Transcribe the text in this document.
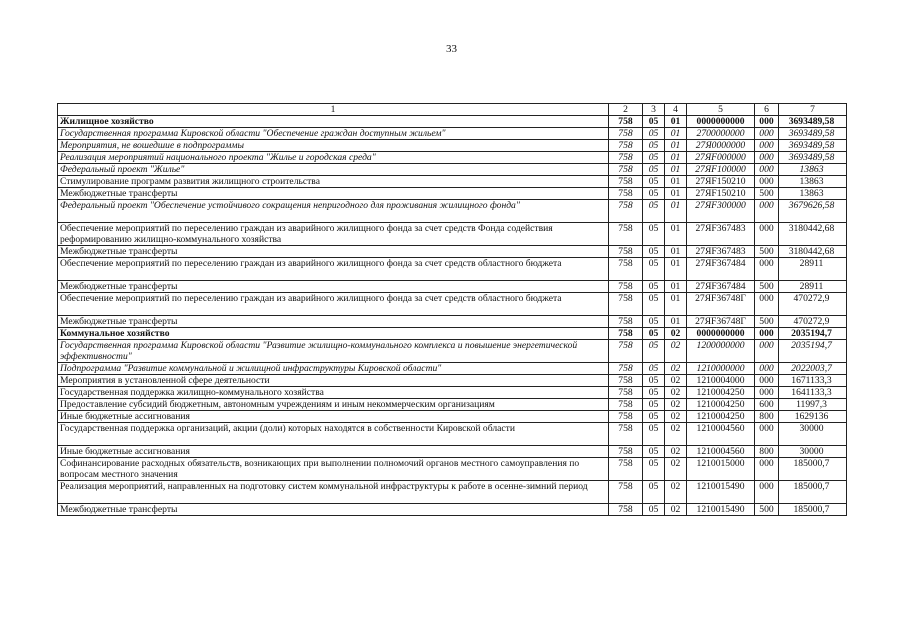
33
1	2	3	4	5	6	7
Жилищное хозяйство	758	05	01	0000000000	000	3693489,58
Государственная программа Кировской области "Обеспечение граждан доступным жильем"	758	05	01	2700000000	000	3693489,58
Мероприятия, не вошедшие в подпрограммы	758	05	01	27Я0000000	000	3693489,58
Реализация мероприятий национального проекта "Жилье и городская среда"	758	05	01	27ЯF000000	000	3693489,58
Федеральный проект "Жилье"	758	05	01	27ЯF100000	000	13863
Стимулирование программ развития жилищного строительства	758	05	01	27ЯF150210	000	13863
Межбюджетные трансферты	758	05	01	27ЯF150210	500	13863
Федеральный проект "Обеспечение устойчивого сокращения непригодного для проживания жилищного фонда"	758	05	01	27ЯF300000	000	3679626,58
Обеспечение мероприятий по переселению граждан из аварийного жилищного фонда за счет средств Фонда содействия реформированию жилищно-коммунального хозяйства	758	05	01	27ЯF367483	000	3180442,68
Межбюджетные трансферты	758	05	01	27ЯF367483	500	3180442,68
Обеспечение мероприятий по переселению граждан из аварийного жилищного фонда за счет средств областного бюджета	758	05	01	27ЯF367484	000	28911
Межбюджетные трансферты	758	05	01	27ЯF367484	500	28911
Обеспечение мероприятий по переселению граждан из аварийного жилищного фонда за счет средств областного бюджета	758	05	01	27ЯF36748Г	000	470272,9
Межбюджетные трансферты	758	05	01	27ЯF36748Г	500	470272,9
Коммунальное хозяйство	758	05	02	0000000000	000	2035194,7
Государственная программа Кировской области "Развитие жилищно-коммунального комплекса и повышение энергетической эффективности"	758	05	02	1200000000	000	2035194,7
Подпрограмма "Развитие коммунальной и жилищной инфраструктуры Кировской области"	758	05	02	1210000000	000	2022003,7
Мероприятия в установленной сфере деятельности	758	05	02	1210004000	000	1671133,3
Государственная поддержка жилищно-коммунального хозяйства	758	05	02	1210004250	000	1641133,3
Предоставление субсидий бюджетным, автономным учреждениям и иным некоммерческим организациям	758	05	02	1210004250	600	11997,3
Иные бюджетные ассигнования	758	05	02	1210004250	800	1629136
Государственная поддержка организаций, акции (доли) которых находятся в собственности Кировской области	758	05	02	1210004560	000	30000
Иные бюджетные ассигнования	758	05	02	1210004560	800	30000
Софинансирование расходных обязательств, возникающих при выполнении полномочий органов местного самоуправления по вопросам местного значения	758	05	02	1210015000	000	185000,7
Реализация мероприятий, направленных на подготовку систем коммунальной инфраструктуры к работе в осенне-зимний период	758	05	02	1210015490	000	185000,7
Межбюджетные трансферты	758	05	02	1210015490	500	185000,7
